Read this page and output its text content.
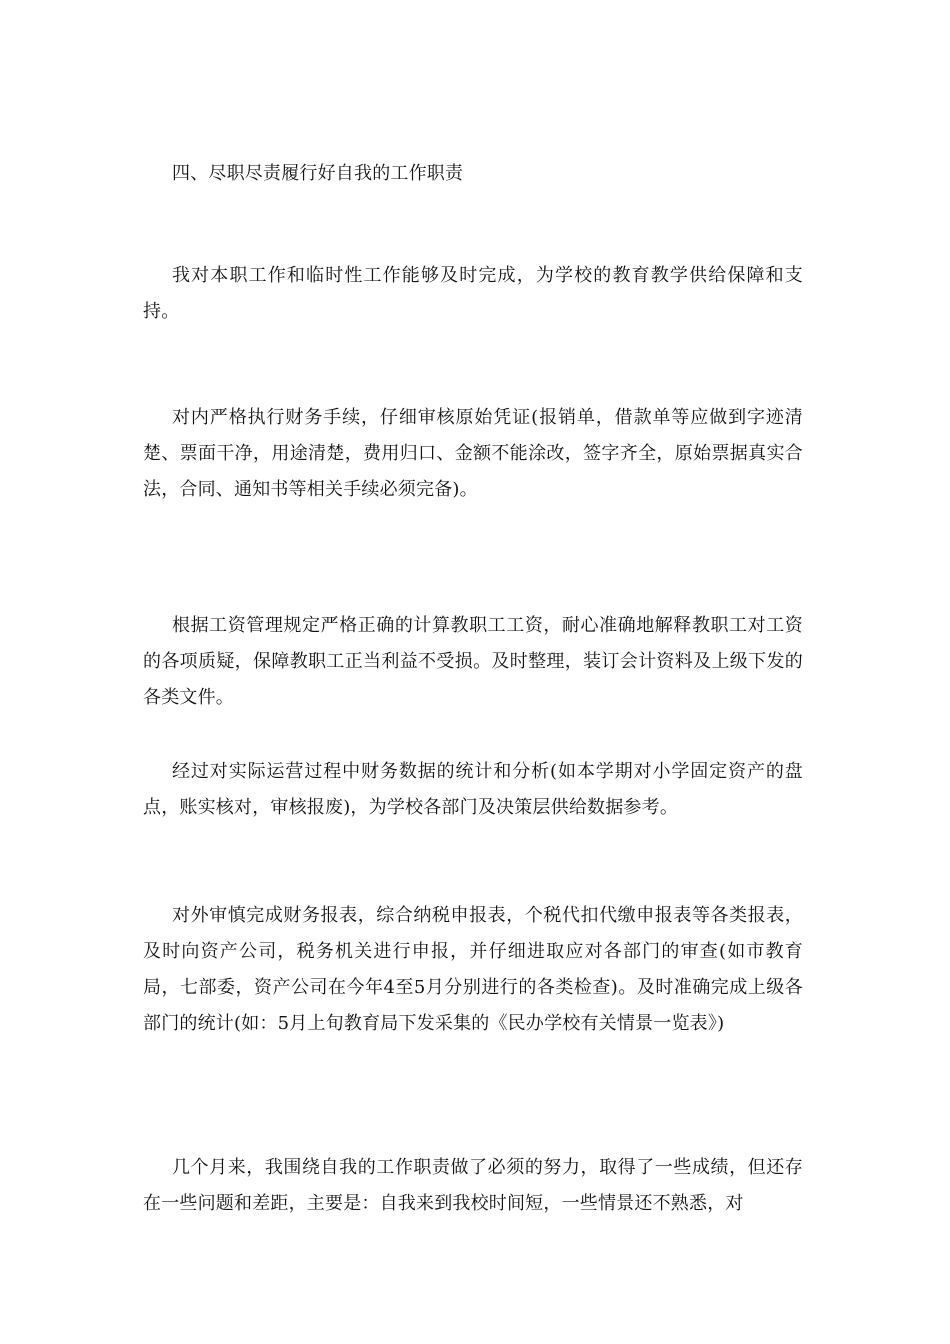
四、尽职尽责履行好自我的工作职责

我对本职工作和临时性工作能够及时完成，为学校的教育教学供给保障和支持。

对内严格执行财务手续，仔细审核原始凭证(报销单，借款单等应做到字迹清楚、票面干净，用途清楚，费用归口、金额不能涂改，签字齐全，原始票据真实合法，合同、通知书等相关手续必须完备)。

根据工资管理规定严格正确的计算教职工工资，耐心准确地解释教职工对工资的各项质疑，保障教职工正当利益不受损。及时整理，装订会计资料及上级下发的各类文件。

经过对实际运营过程中财务数据的统计和分析(如本学期对小学固定资产的盘点，账实核对，审核报废)，为学校各部门及决策层供给数据参考。

对外审慎完成财务报表，综合纳税申报表，个税代扣代缴申报表等各类报表，及时向资产公司，税务机关进行申报，并仔细进取应对各部门的审查(如市教育局，七部委，资产公司在今年4至5月分别进行的各类检查)。及时准确完成上级各部门的统计(如：5月上旬教育局下发采集的《民办学校有关情景一览表》)

几个月来，我围绕自我的工作职责做了必须的努力，取得了一些成绩，但还存在一些问题和差距，主要是：自我来到我校时间短，一些情景还不熟悉，对
